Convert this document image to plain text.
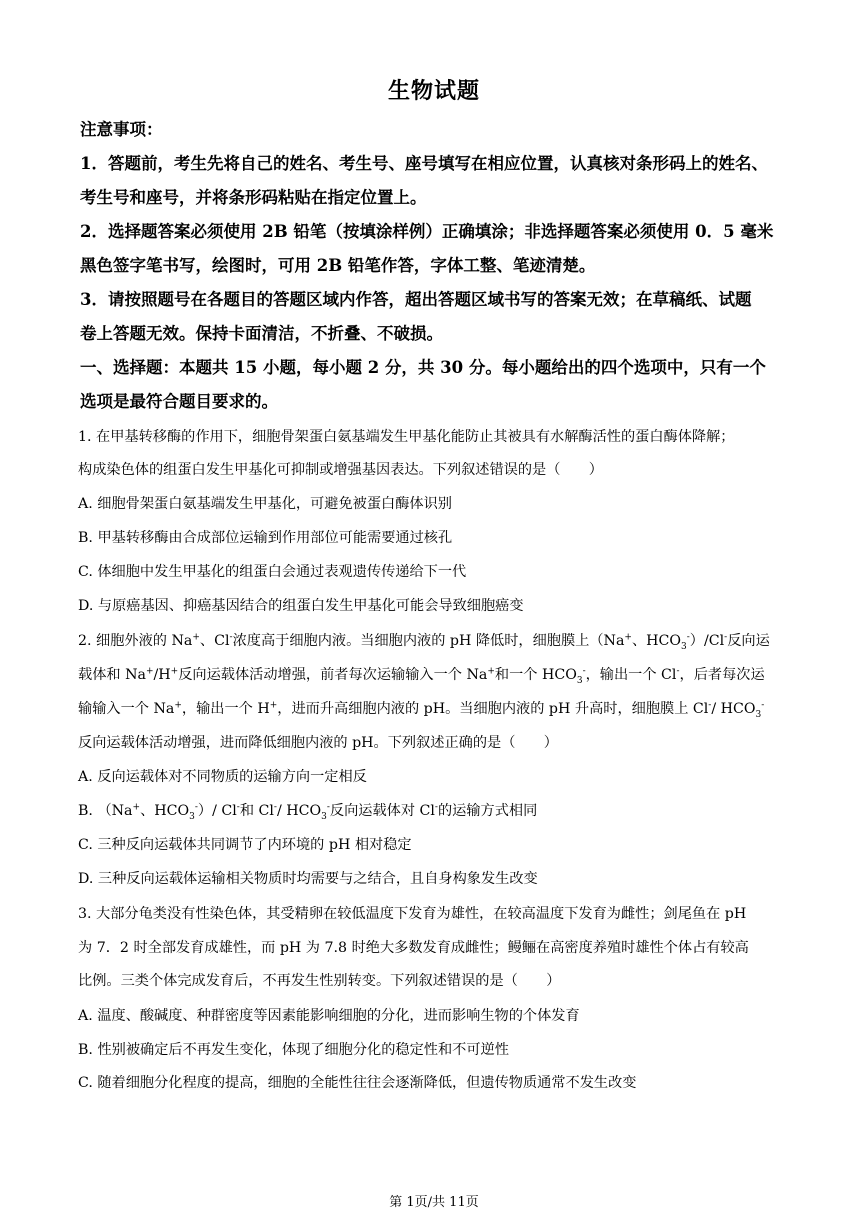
生物试题
注意事项：
1．答题前，考生先将自己的姓名、考生号、座号填写在相应位置，认真核对条形码上的姓名、
考生号和座号，并将条形码粘贴在指定位置上。
2．选择题答案必须使用 2B 铅笔（按填涂样例）正确填涂；非选择题答案必须使用 0．5 毫米
黑色签字笔书写，绘图时，可用 2B 铅笔作答，字体工整、笔迹清楚。
3．请按照题号在各题目的答题区域内作答，超出答题区域书写的答案无效；在草稿纸、试题
卷上答题无效。保持卡面清洁，不折叠、不破损。
一、选择题：本题共 15 小题，每小题 2 分，共 30 分。每小题给出的四个选项中，只有一个
选项是最符合题目要求的。
1. 在甲基转移酶的作用下，细胞骨架蛋白氨基端发生甲基化能防止其被具有水解酶活性的蛋白酶体降解；
构成染色体的组蛋白发生甲基化可抑制或增强基因表达。下列叙述错误的是（　　）
A. 细胞骨架蛋白氨基端发生甲基化，可避免被蛋白酶体识别
B. 甲基转移酶由合成部位运输到作用部位可能需要通过核孔
C. 体细胞中发生甲基化的组蛋白会通过表观遗传传递给下一代
D. 与原癌基因、抑癌基因结合的组蛋白发生甲基化可能会导致细胞癌变
2. 细胞外液的 Na+、Cl-浓度高于细胞内液。当细胞内液的 pH 降低时，细胞膜上（Na+、$HCO_3^-)/Cl^-$反向运
载体和 Na+/H+反向运载体活动增强，前者每次运输输入一个 Na+和一个 $HCO_3^-$，输出一个 Cl-，后者每次运
输输入一个 Na+，输出一个 H+，进而升高细胞内液的 pH。当细胞内液的 pH 升高时，细胞膜上 Cl-/ $HCO_3^-$
反向运载体活动增强，进而降低细胞内液的 pH。下列叙述正确的是（　　）
A. 反向运载体对不同物质的运输方向一定相反
B. （Na+、$HCO_3^-)/$ Cl-和 Cl-/ $HCO_3^-$反向运载体对 Cl-的运输方式相同
C. 三种反向运载体共同调节了内环境的 pH 相对稳定
D. 三种反向运载体运输相关物质时均需要与之结合，且自身构象发生改变
3. 大部分龟类没有性染色体，其受精卵在较低温度下发育为雄性，在较高温度下发育为雌性；剑尾鱼在 pH
为 7．2 时全部发育成雄性，而 pH 为 7.8 时绝大多数发育成雌性；鳗鲡在高密度养殖时雄性个体占有较高
比例。三类个体完成发育后，不再发生性别转变。下列叙述错误的是（　　）
A. 温度、酸碱度、种群密度等因素能影响细胞的分化，进而影响生物的个体发育
B. 性别被确定后不再发生变化，体现了细胞分化的稳定性和不可逆性
C. 随着细胞分化程度的提高，细胞的全能性往往会逐渐降低，但遗传物质通常不发生改变
第 1页/共 11页
